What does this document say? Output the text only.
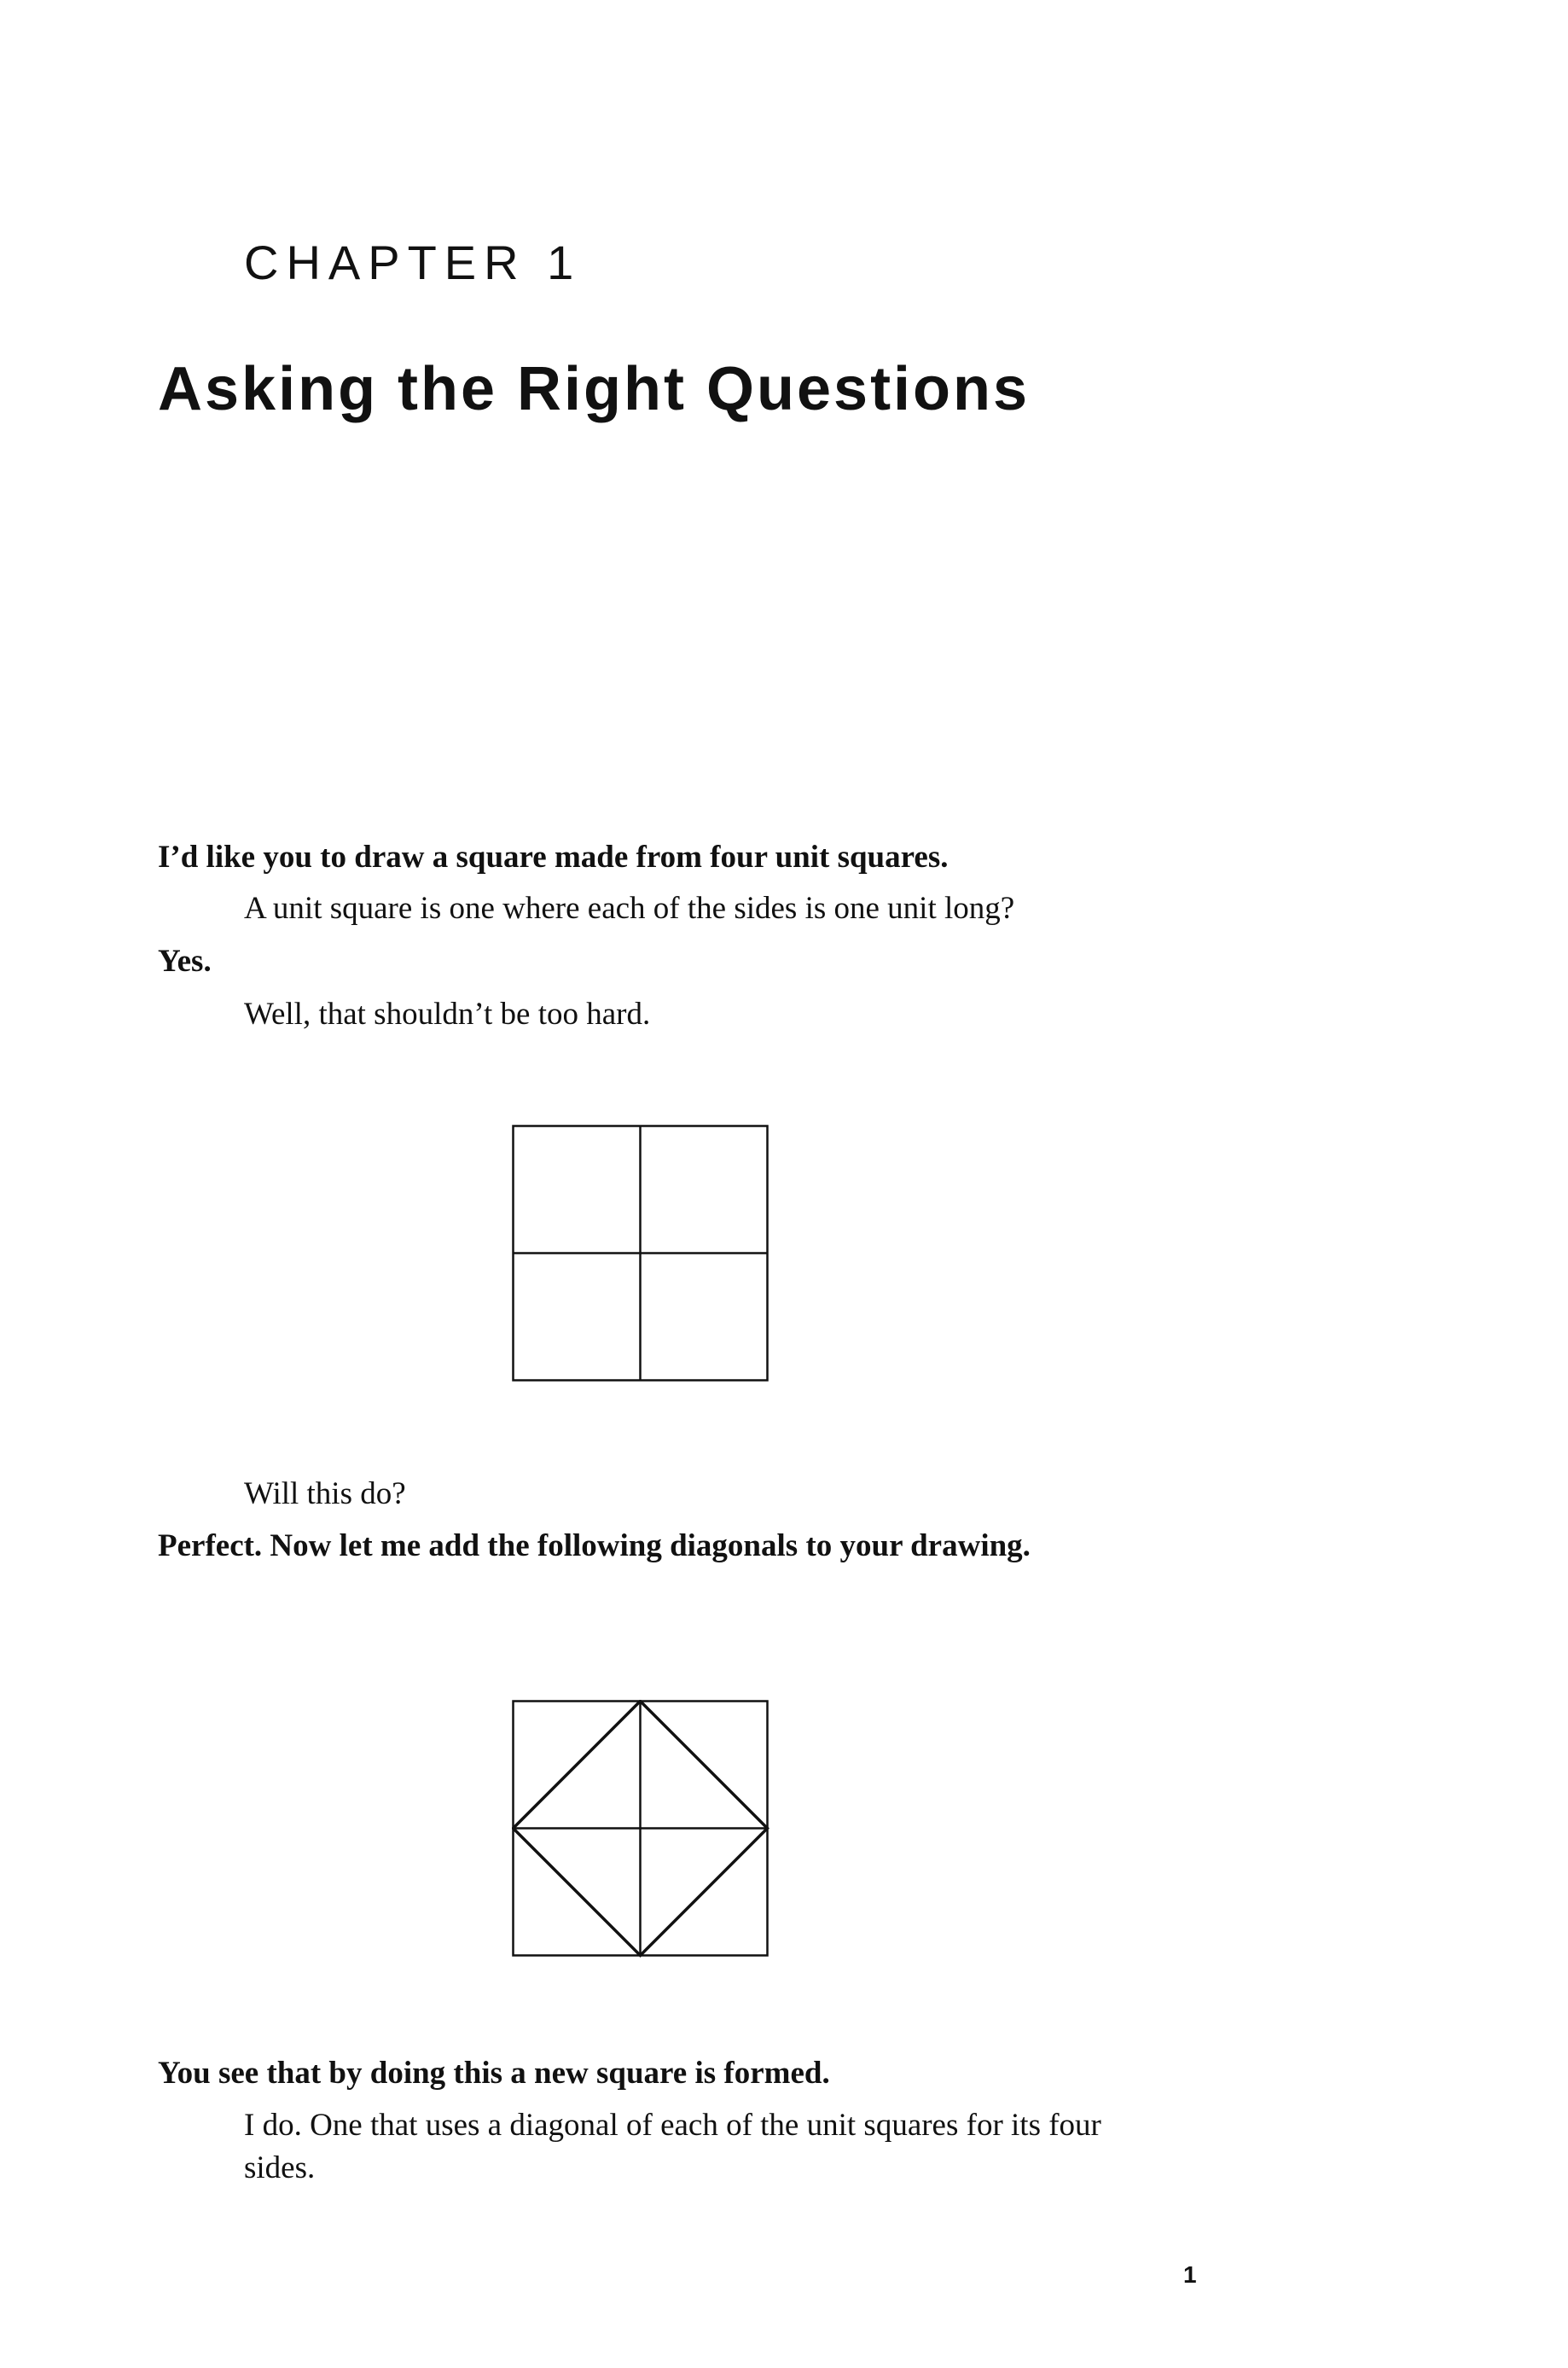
CHAPTER 1
Asking the Right Questions

I’d like you to draw a square made from four unit squares.

A unit square is one where each of the sides is one unit long?

Yes.

Well, that shouldn’t be too hard.

Will this do?

Perfect. Now let me add the following diagonals to your drawing.

You see that by doing this a new square is formed.

I do. One that uses a diagonal of each of the unit squares for its four sides.

1
